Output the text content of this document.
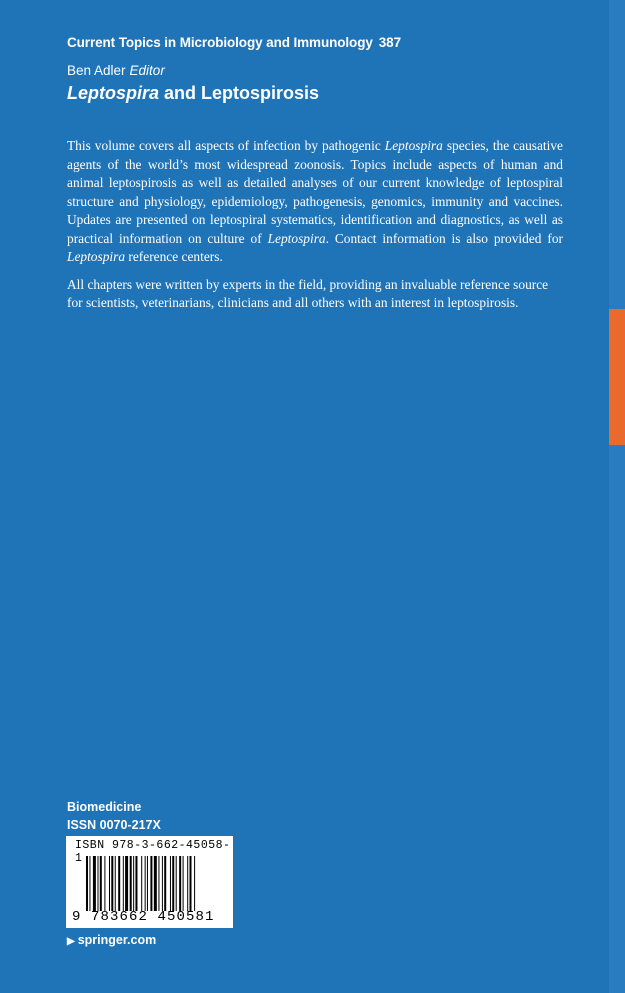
Current Topics in Microbiology and Immunology 387
Ben Adler Editor
Leptospira and Leptospirosis

This volume covers all aspects of infection by pathogenic Leptospira species, the causative agents of the world’s most widespread zoonosis. Topics include aspects of human and animal leptospirosis as well as detailed analyses of our current knowledge of leptospiral structure and physiology, epidemiology, pathogenesis, genomics, immunity and vaccines. Updates are presented on leptospiral systematics, identification and diagnostics, as well as practical information on culture of Leptospira. Contact information is also provided for Leptospira reference centers.

All chapters were written by experts in the field, providing an invaluable reference source for scientists, veterinarians, clinicians and all others with an interest in leptospirosis.

Biomedicine
ISSN 0070-217X
ISBN 978-3-662-45058-1
9 783662 450581
▶ springer.com
